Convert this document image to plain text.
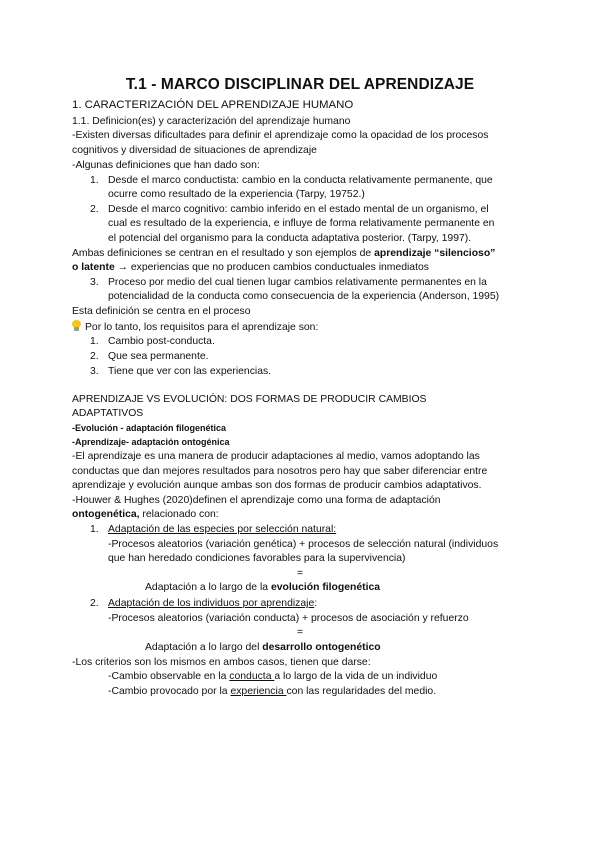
T.1 - MARCO DISCIPLINAR DEL APRENDIZAJE
1. CARACTERIZACIÓN DEL APRENDIZAJE HUMANO
1.1. Definicion(es) y caracterización del aprendizaje humano
-Existen diversas dificultades para definir el aprendizaje como la opacidad de los procesos
cognitivos y diversidad de situaciones de aprendizaje
-Algunas definiciones que han dado son:
1. Desde el marco conductista: cambio en la conducta relativamente permanente, que
ocurre como resultado de la experiencia (Tarpy, 19752.)
2. Desde el marco cognitivo: cambio inferido en el estado mental de un organismo, el
cual es resultado de la experiencia, e influye de forma relativamente permanente en
el potencial del organismo para la conducta adaptativa posterior. (Tarpy, 1997).
Ambas definiciones se centran en el resultado y son ejemplos de aprendizaje “silencioso”
o latente → experiencias que no producen cambios conductuales inmediatos
3. Proceso por medio del cual tienen lugar cambios relativamente permanentes en la
potencialidad de la conducta como consecuencia de la experiencia (Anderson, 1995)
Esta definición se centra en el proceso
Por lo tanto, los requisitos para el aprendizaje son:
1. Cambio post-conducta.
2. Que sea permanente.
3. Tiene que ver con las experiencias.
APRENDIZAJE VS EVOLUCIÓN: DOS FORMAS DE PRODUCIR CAMBIOS
ADAPTATIVOS
-Evolución - adaptación filogenética
-Aprendizaje- adaptación ontogénica
-El aprendizaje es una manera de producir adaptaciones al medio, vamos adoptando las
conductas que dan mejores resultados para nosotros pero hay que saber diferenciar entre
aprendizaje y evolución aunque ambas son dos formas de producir cambios adaptativos.
-Houwer & Hughes (2020)definen el aprendizaje como una forma de adaptación
ontogenética, relacionado con:
1. Adaptación de las especies por selección natural:
-Procesos aleatorios (variación genética) + procesos de selección natural (individuos
que han heredado condiciones favorables para la supervivencia)
=
Adaptación a lo largo de la evolución filogenética
2. Adaptación de los individuos por aprendizaje:
-Procesos aleatorios (variación conducta) + procesos de asociación y refuerzo
=
Adaptación a lo largo del desarrollo ontogenético
-Los criterios son los mismos en ambos casos, tienen que darse:
-Cambio observable en la conducta a lo largo de la vida de un individuo
-Cambio provocado por la experiencia con las regularidades del medio.
